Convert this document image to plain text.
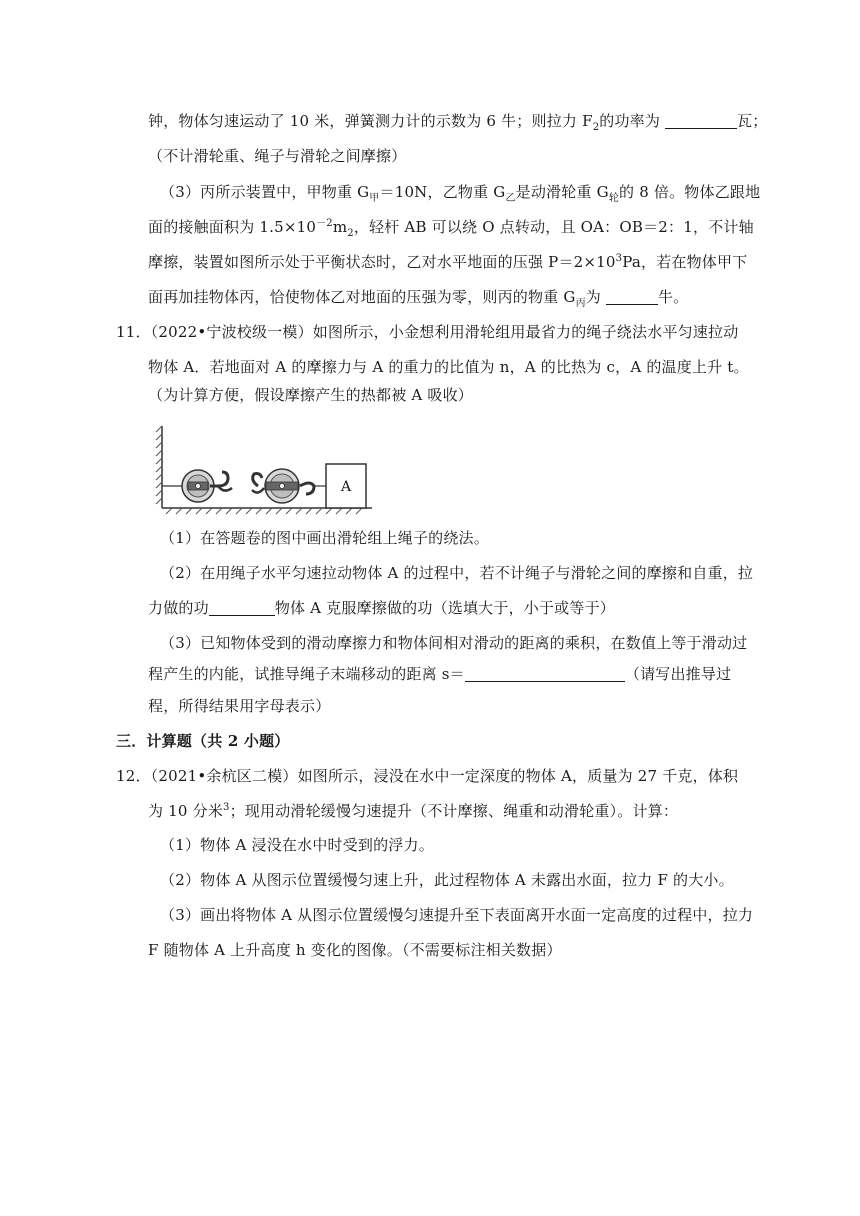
钟，物体匀速运动了 10 米，弹簧测力计的示数为 6 牛；则拉力 $F_2$的功率为	瓦；
（不计滑轮重、绳子与滑轮之间摩擦）
（3）丙所示装置中，甲物重 $G_甲=10N$，乙物重 $G_乙$是动滑轮重 $G_轮$的 8 倍。物体乙跟地
面的接触面积为 $1.5\times 10^{-2}m_2$，轻杆 AB 可以绕 O 点转动，且 OA：OB＝2：1，不计轴
摩擦，装置如图所示处于平衡状态时，乙对水平地面的压强 $P=2\times 10^3Pa$，若在物体甲下
面再加挂物体丙，恰使物体乙对地面的压强为零，则丙的物重 $G_丙$为	牛。
11．（2022•宁波校级一模）如图所示，小金想利用滑轮组用最省力的绳子绕法水平匀速拉动
物体 A．若地面对 A 的摩擦力与 A 的重力的比值为 n，A 的比热为 c，A 的温度上升 t。
（为计算方便，假设摩擦产生的热都被 A 吸收）
A
（1）在答题卷的图中画出滑轮组上绳子的绕法。
（2）在用绳子水平匀速拉动物体 A 的过程中，若不计绳子与滑轮之间的摩擦和自重，拉
力做的功	物体 A 克服摩擦做的功（选填大于，小于或等于）
（3）已知物体受到的滑动摩擦力和物体间相对滑动的距离的乘积，在数值上等于滑动过
程产生的内能，试推导绳子末端移动的距离 s＝	（请写出推导过
程，所得结果用字母表示）
三．计算题（共 2 小题）
12．（2021•余杭区二模）如图所示，浸没在水中一定深度的物体 A，质量为 27 千克，体积
为 10 分米$^3$；现用动滑轮缓慢匀速提升（不计摩擦、绳重和动滑轮重）。计算：
（1）物体 A 浸没在水中时受到的浮力。
（2）物体 A 从图示位置缓慢匀速上升，此过程物体 A 未露出水面，拉力 F 的大小。
（3）画出将物体 A 从图示位置缓慢匀速提升至下表面离开水面一定高度的过程中，拉力
F 随物体 A 上升高度 h 变化的图像。（不需要标注相关数据）
